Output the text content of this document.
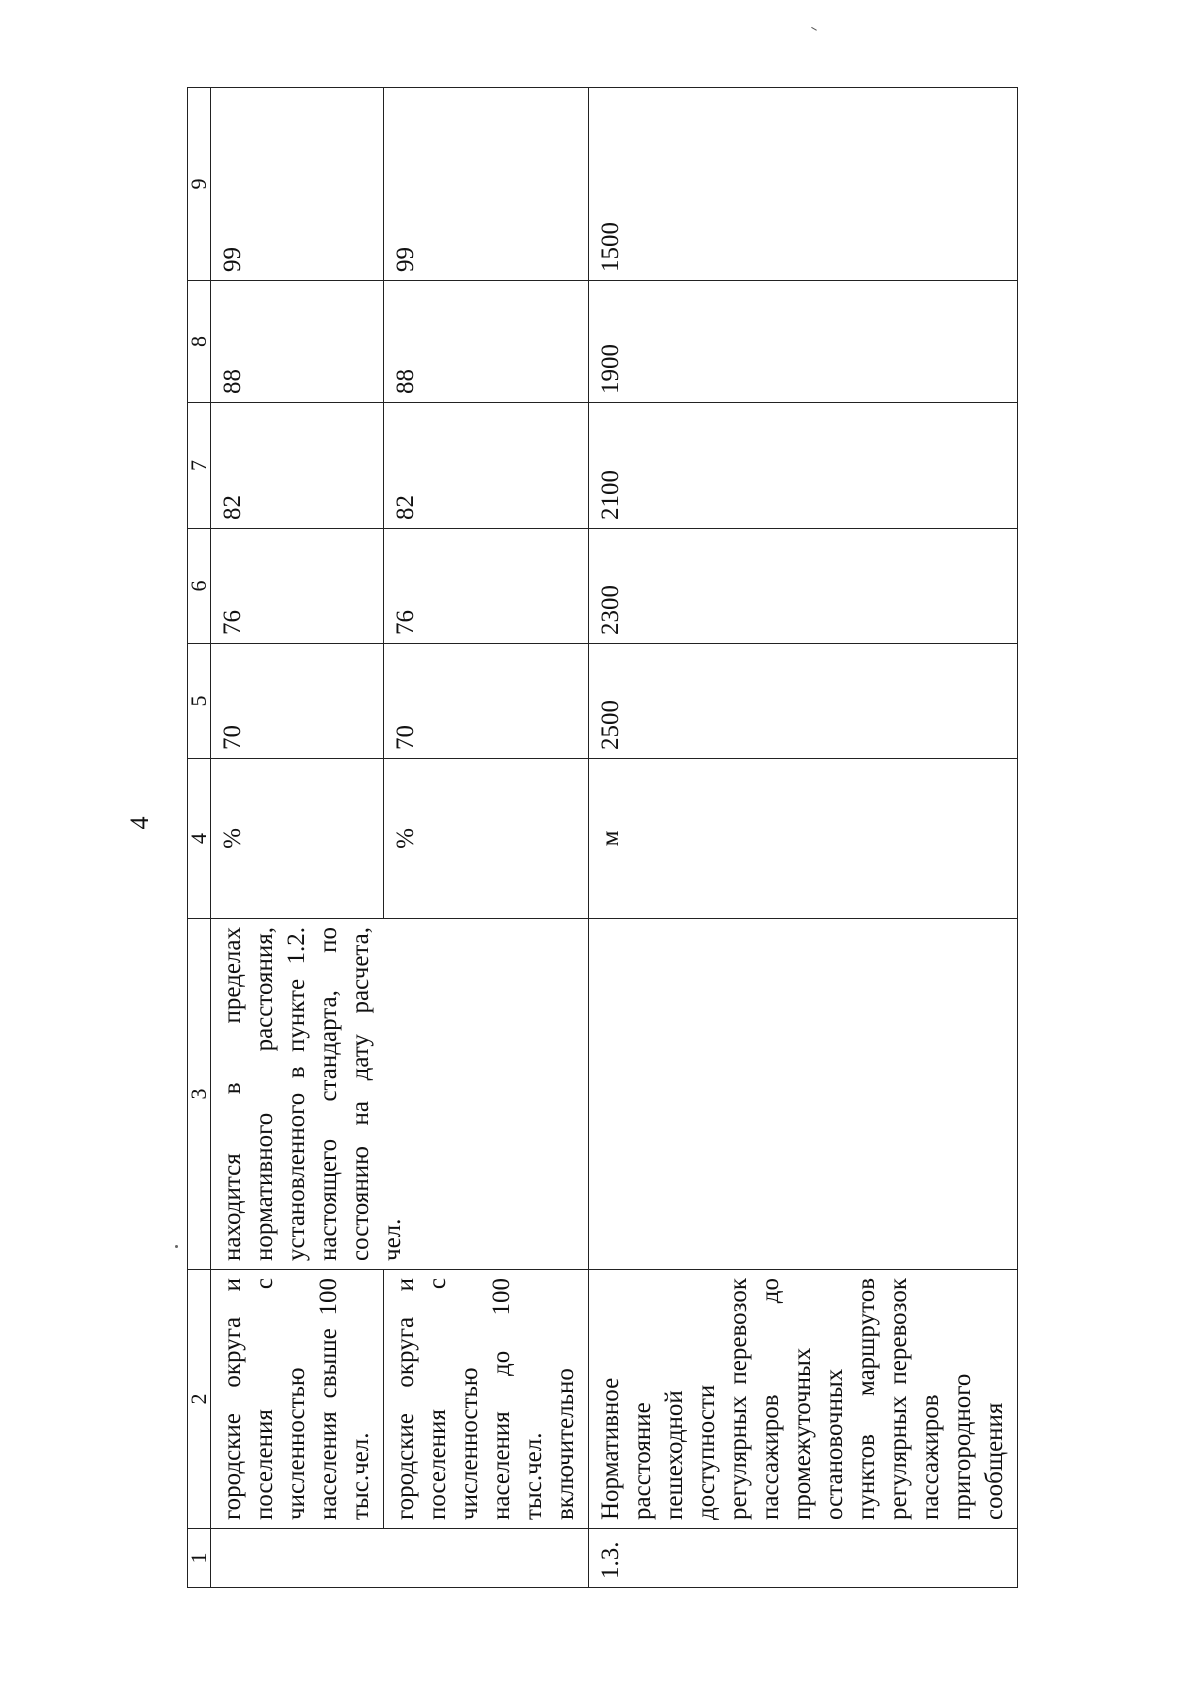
4
1	2	3	4	5	6	7	8	9
	городские округа и поселения с численностью населения свыше 100 тыс.чел.	находится в пределах нормативного расстояния, установленного в пункте 1.2. настоящего стандарта, по состоянию на дату расчета, чел.	%	70	76	82	88	99
	городские округа и поселения с численностью населения до 100 тыс.чел. включительно		%	70	76	82	88	99
1.3.	Нормативное расстояние пешеходной доступности регулярных перевозок пассажиров до промежуточных остановочных пунктов маршрутов регулярных перевозок пассажиров пригородного сообщения		м	2500	2300	2100	1900	1500
